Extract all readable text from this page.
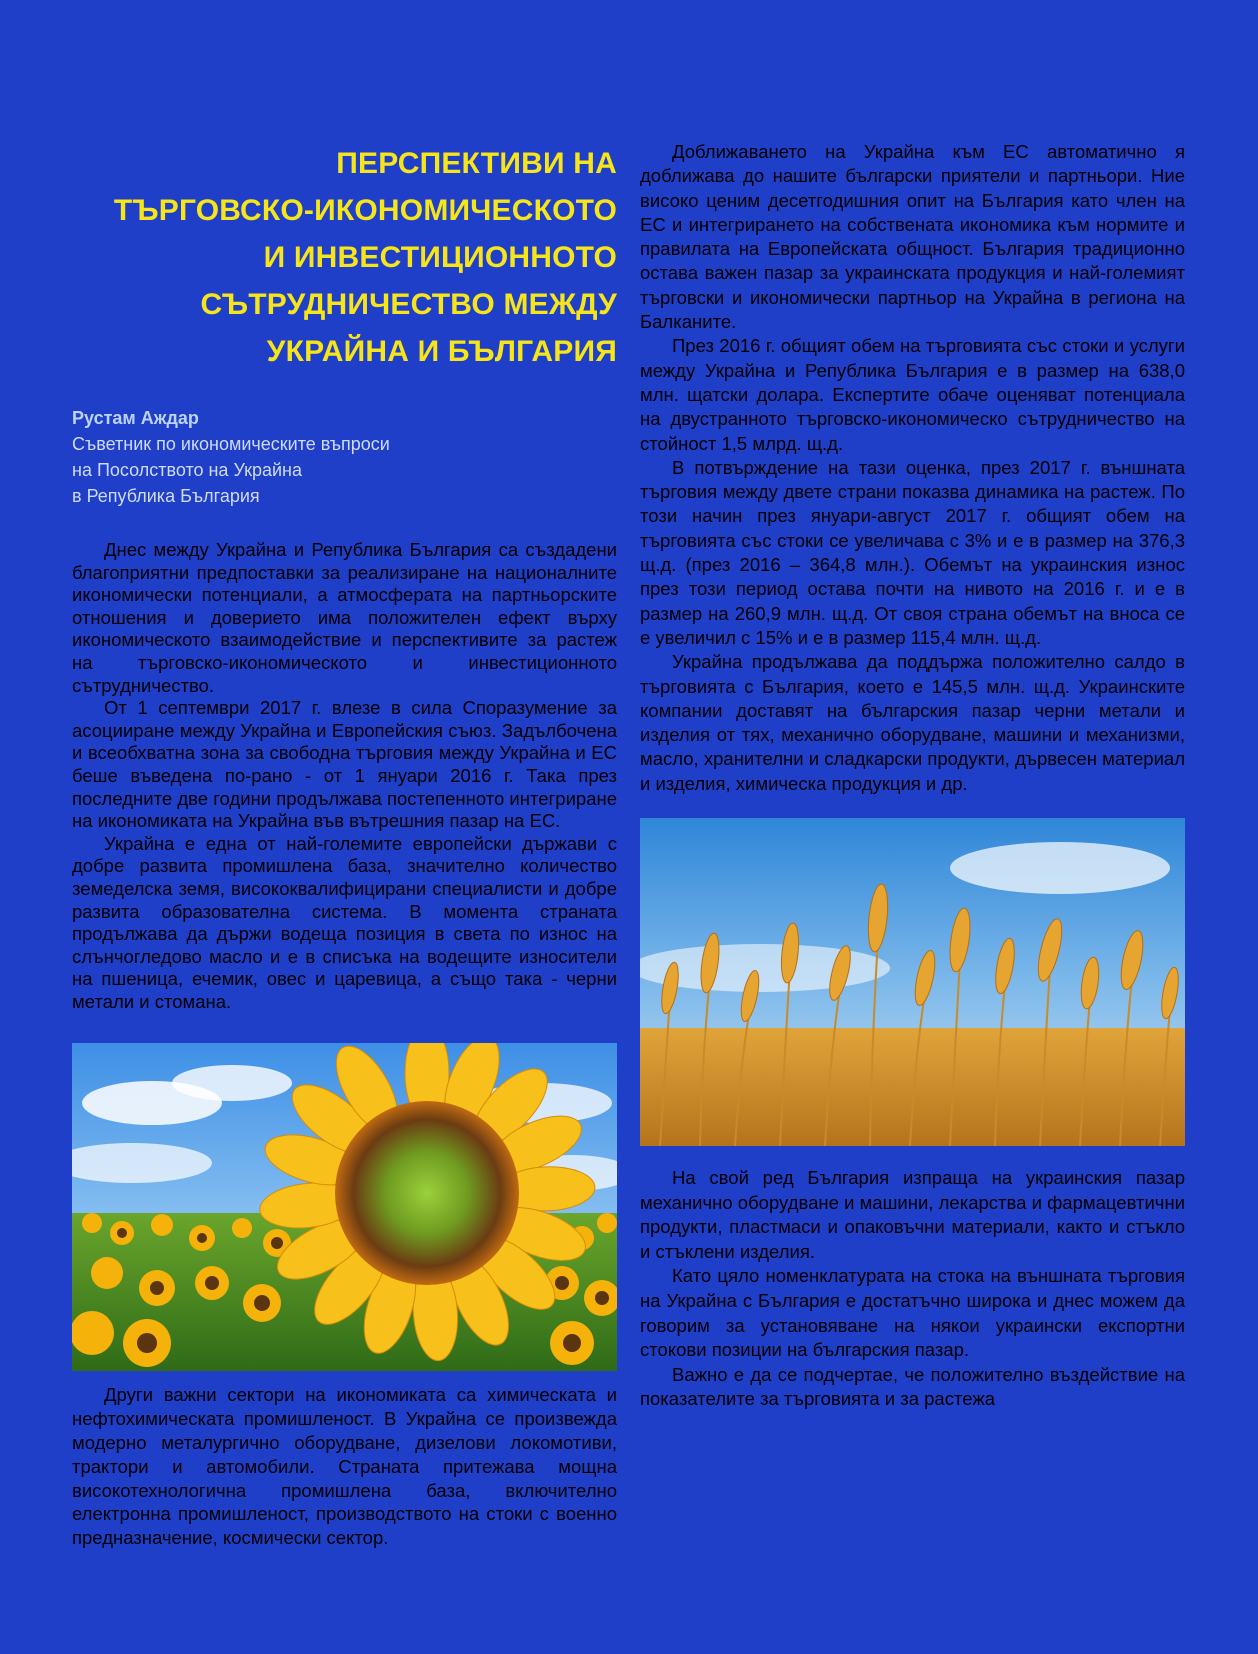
ПЕРСПЕКТИВИ НА
ТЪРГОВСКО-ИКОНОМИЧЕСКОТО
И ИНВЕСТИЦИОННОТО
СЪТРУДНИЧЕСТВО МЕЖДУ
УКРАЙНА И БЪЛГАРИЯ
Рустам Аждар
Съветник по икономическите въпроси
на Посолството на Украйна
в Република България

Днес между Украйна и Република България са създадени благоприятни предпоставки за реализиране на националните икономически потенциали, а атмосферата на партньорските отношения и доверието има положителен ефект върху икономическото взаимодействие и перспективите за растеж на търговско-икономическото и инвестиционното сътрудничество.

От 1 септември 2017 г. влезе в сила Споразумение за асоцииране между Украйна и Европейския съюз. Задълбочена и всеобхватна зона за свободна търговия между Украйна и ЕС беше въведена по-рано - от 1 януари 2016 г. Така през последните две години продължава постепенното интегриране на икономиката на Украйна във вътрешния пазар на ЕС.

Украйна е една от най-големите европейски държави с добре развита промишлена база, значително количество земеделска земя, висококвалифицирани специалисти и добре развита образователна система. В момента страната продължава да държи водеща позиция в света по износ на слънчогледово масло и е в списъка на водещите износители на пшеница, ечемик, овес и царевица, а също така - черни метали и стомана.

Други важни сектори на икономиката са химическата и нефтохимическата промишленост. В Украйна се произвежда модерно металургично оборудване, дизелови локомотиви, трактори и автомобили. Страната притежава мощна високотехнологична промишлена база, включително електронна промишленост, производството на стоки с военно предназначение, космически сектор.

Доближаването на Украйна към ЕС автоматично я доближава до нашите български приятели и партньори. Ние високо ценим десетгодишния опит на България като член на ЕС и интегрирането на собствената икономика към нормите и правилата на Европейската общност. България традиционно остава важен пазар за украинската продукция и най-големият търговски и икономически партньор на Украйна в региона на Балканите.

През 2016 г. общият обем на търговията със стоки и услуги между Украйна и Република България е в размер на 638,0 млн. щатски долара. Експертите обаче оценяват потенциала на двустранното търговско-икономическо сътрудничество на стойност 1,5 млрд. щ.д.

В потвърждение на тази оценка, през 2017 г. външната търговия между двете страни показва динамика на растеж. По този начин през януари-август 2017 г. общият обем на търговията със стоки се увеличава с 3% и е в размер на 376,3 щ.д. (през 2016 – 364,8 млн.). Обемът на украинския износ през този период остава почти на нивото на 2016 г. и е в размер на 260,9 млн. щ.д. От своя страна обемът на вноса се е увеличил с 15% и е в размер 115,4 млн. щ.д.

Украйна продължава да поддържа положително салдо в търговията с България, което е 145,5 млн. щ.д. Украинските компании доставят на българския пазар черни метали и изделия от тях, механично оборудване, машини и механизми, масло, хранителни и сладкарски продукти, дървесен материал и изделия, химическа продукция и др.

На свой ред България изпраща на украинския пазар механично оборудване и машини, лекарства и фармацевтични продукти, пластмаси и опаковъчни материали, както и стъкло и стъклени изделия.

Като цяло номенклатурата на стока на външната търговия на Украйна с България е достатъчно широка и днес можем да говорим за установяване на някои украински експортни стокови позиции на българския пазар.

Важно е да се подчертае, че положително въздействие на показателите за търговията и за растежа
